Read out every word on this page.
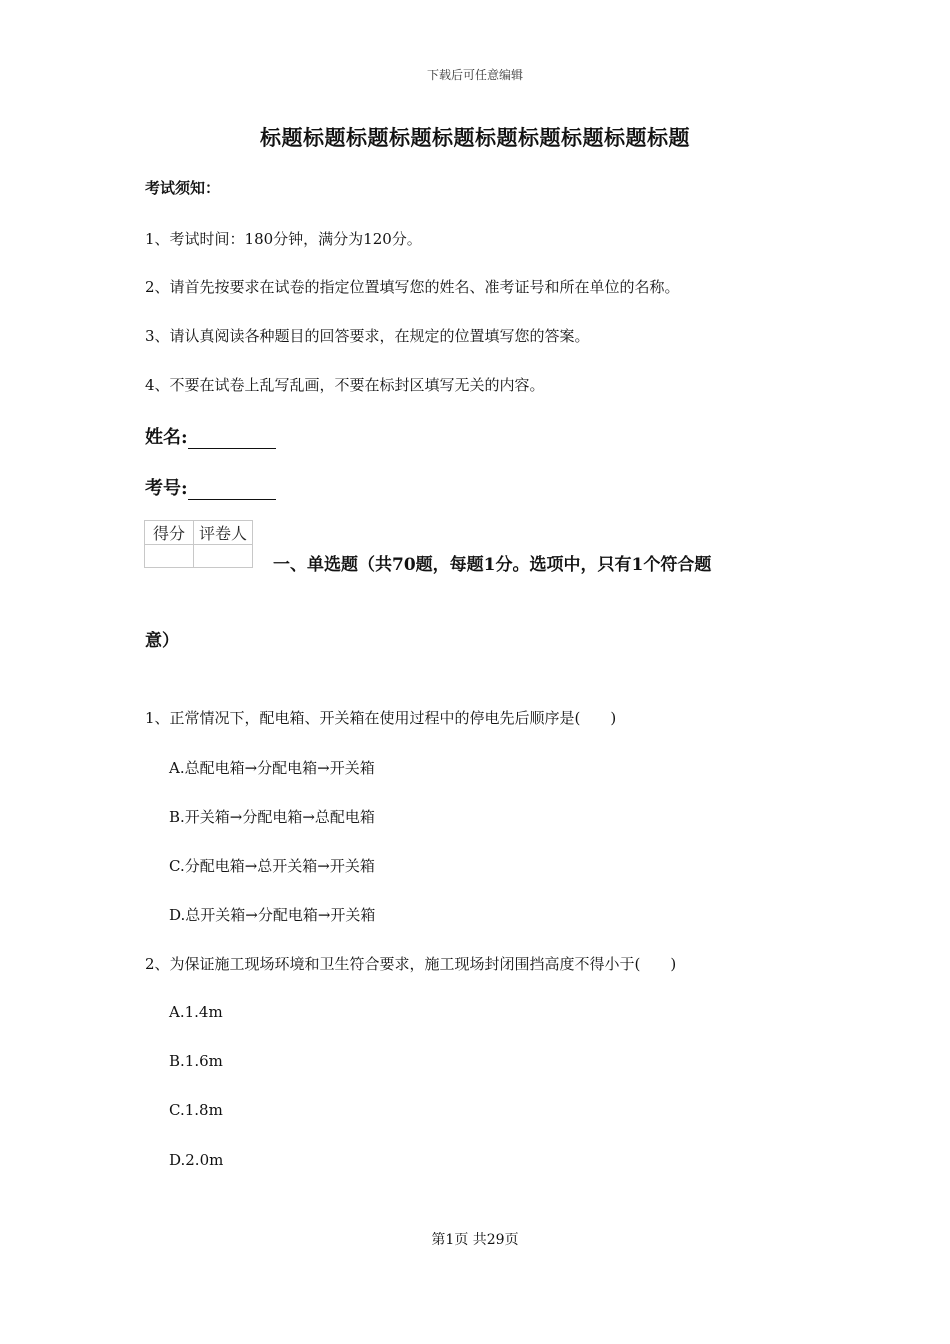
下载后可任意编辑
标题标题标题标题标题标题标题标题标题标题
考试须知：
1、考试时间：180分钟，满分为120分。
2、请首先按要求在试卷的指定位置填写您的姓名、准考证号和所在单位的名称。
3、请认真阅读各种题目的回答要求，在规定的位置填写您的答案。
4、不要在试卷上乱写乱画，不要在标封区填写无关的内容。
姓名:
考号:
得分	评卷人

一、单选题（共70题，每题1分。选项中，只有1个符合题
意）
1、正常情况下，配电箱、开关箱在使用过程中的停电先后顺序是(　　)
A.总配电箱→分配电箱→开关箱
B.开关箱→分配电箱→总配电箱
C.分配电箱→总开关箱→开关箱
D.总开关箱→分配电箱→开关箱
2、为保证施工现场环境和卫生符合要求，施工现场封闭围挡高度不得小于(　　)
A.1.4m
B.1.6m
C.1.8m
D.2.0m
第1页 共29页
